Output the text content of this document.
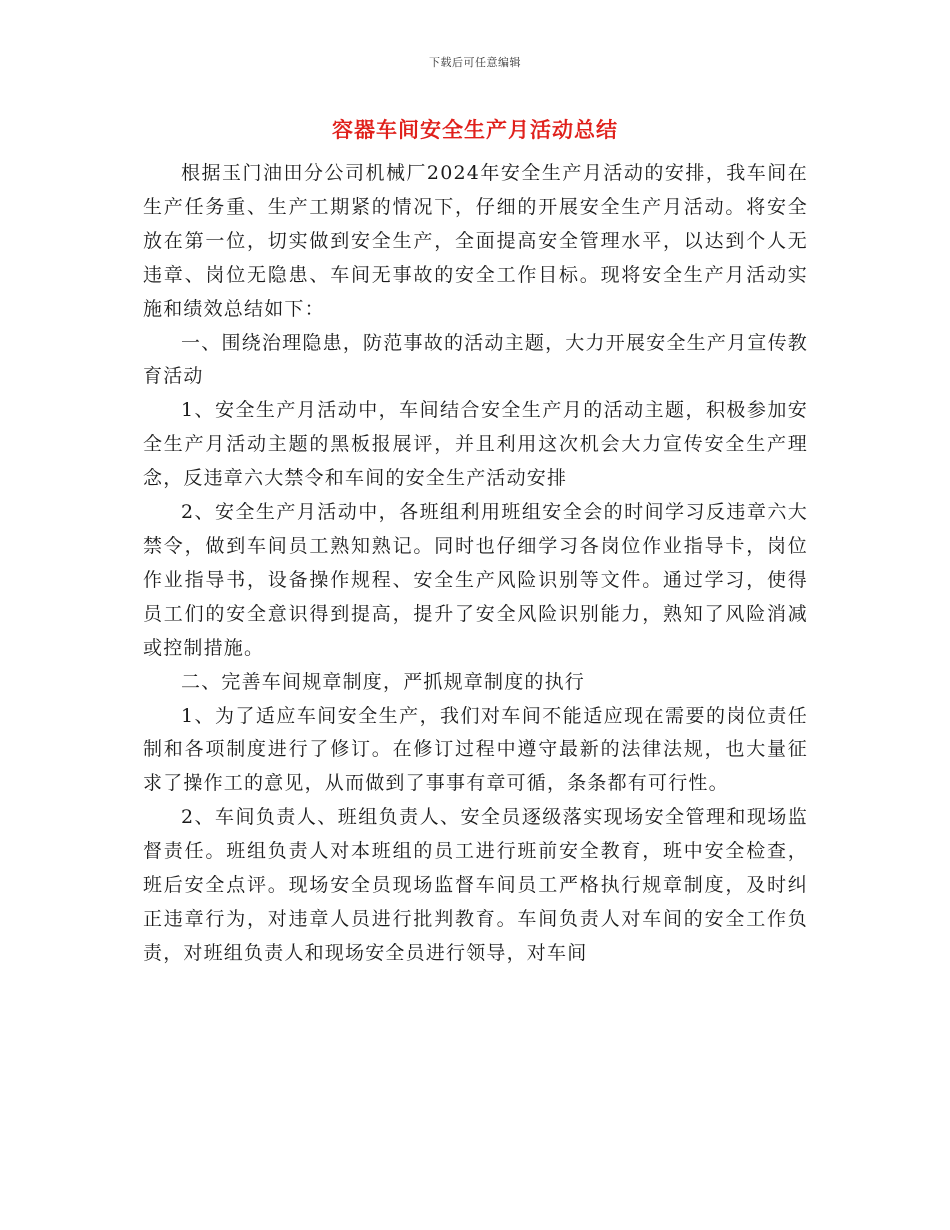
下载后可任意编辑
容器车间安全生产月活动总结

根据玉门油田分公司机械厂2024年安全生产月活动的安排，我车间在生产任务重、生产工期紧的情况下，仔细的开展安全生产月活动。将安全放在第一位，切实做到安全生产，全面提高安全管理水平，以达到个人无违章、岗位无隐患、车间无事故的安全工作目标。现将安全生产月活动实施和绩效总结如下：

一、围绕治理隐患，防范事故的活动主题，大力开展安全生产月宣传教育活动

1、安全生产月活动中，车间结合安全生产月的活动主题，积极参加安全生产月活动主题的黑板报展评，并且利用这次机会大力宣传安全生产理念，反违章六大禁令和车间的安全生产活动安排

2、安全生产月活动中，各班组利用班组安全会的时间学习反违章六大禁令，做到车间员工熟知熟记。同时也仔细学习各岗位作业指导卡，岗位作业指导书，设备操作规程、安全生产风险识别等文件。通过学习，使得员工们的安全意识得到提高，提升了安全风险识别能力，熟知了风险消减或控制措施。

二、完善车间规章制度，严抓规章制度的执行

1、为了适应车间安全生产，我们对车间不能适应现在需要的岗位责任制和各项制度进行了修订。在修订过程中遵守最新的法律法规，也大量征求了操作工的意见，从而做到了事事有章可循，条条都有可行性。

2、车间负责人、班组负责人、安全员逐级落实现场安全管理和现场监督责任。班组负责人对本班组的员工进行班前安全教育，班中安全检查，班后安全点评。现场安全员现场监督车间员工严格执行规章制度，及时纠正违章行为，对违章人员进行批判教育。车间负责人对车间的安全工作负责，对班组负责人和现场安全员进行领导，对车间
